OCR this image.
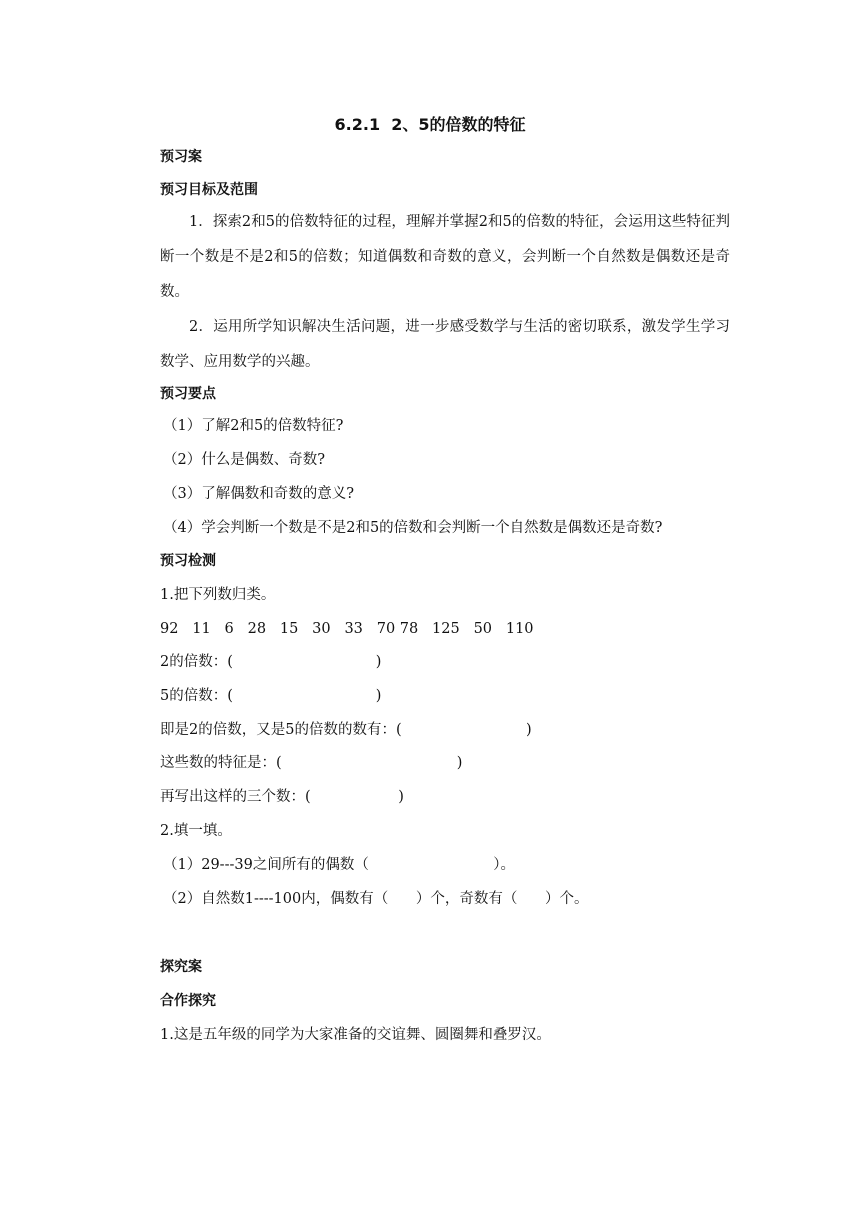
6.2.1  2、5的倍数的特征
预习案
预习目标及范围
1．探索2和5的倍数特征的过程，理解并掌握2和5的倍数的特征，会运用这些特征判断一个数是不是2和5的倍数；知道偶数和奇数的意义，会判断一个自然数是偶数还是奇数。
2．运用所学知识解决生活问题，进一步感受数学与生活的密切联系，激发学生学习数学、应用数学的兴趣。
预习要点
（1）了解2和5的倍数特征?
（2）什么是偶数、奇数?
（3）了解偶数和奇数的意义?
（4）学会判断一个数是不是2和5的倍数和会判断一个自然数是偶数还是奇数?
预习检测
1.把下列数归类。
92   11   6   28   15   30   33   70 78   125   50   110
2的倍数：(                               )
5的倍数：(                               )
即是2的倍数，又是5的倍数的数有：(                           )
这些数的特征是：(                                      )
再写出这样的三个数：(                   )
2.填一填。
（1）29---39之间所有的偶数（                           ）。
（2）自然数1----100内，偶数有（      ）个，奇数有（      ）个。
探究案
合作探究
1.这是五年级的同学为大家准备的交谊舞、圆圈舞和叠罗汉。
